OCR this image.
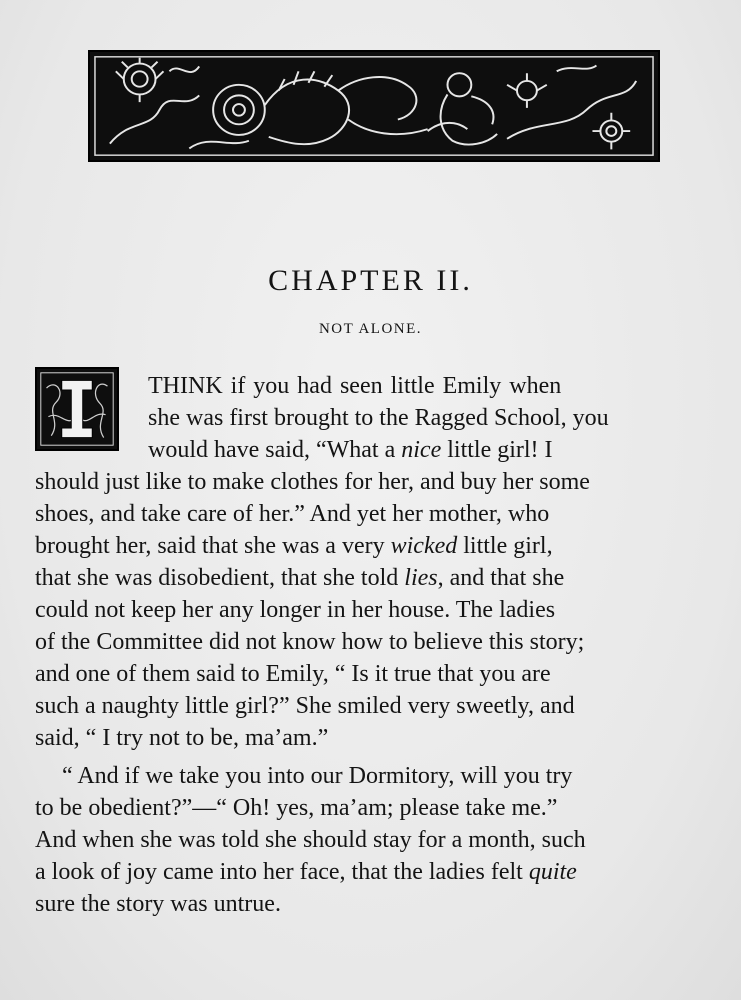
CHAPTER II.
NOT ALONE.
THINK if you had seen little Emily when
she was first brought to the Ragged School, you
would have said, “What a nice little girl! I
should just like to make clothes for her, and buy her some
shoes, and take care of her.” And yet her mother, who
brought her, said that she was a very wicked little girl,
that she was disobedient, that she told lies, and that she
could not keep her any longer in her house. The ladies
of the Committee did not know how to believe this story;
and one of them said to Emily, “ Is it true that you are
such a naughty little girl?” She smiled very sweetly, and
said, “ I try not to be, ma’am.”
“ And if we take you into our Dormitory, will you try
to be obedient?”—“ Oh! yes, ma’am; please take me.”
And when she was told she should stay for a month, such
a look of joy came into her face, that the ladies felt quite
sure the story was untrue.
